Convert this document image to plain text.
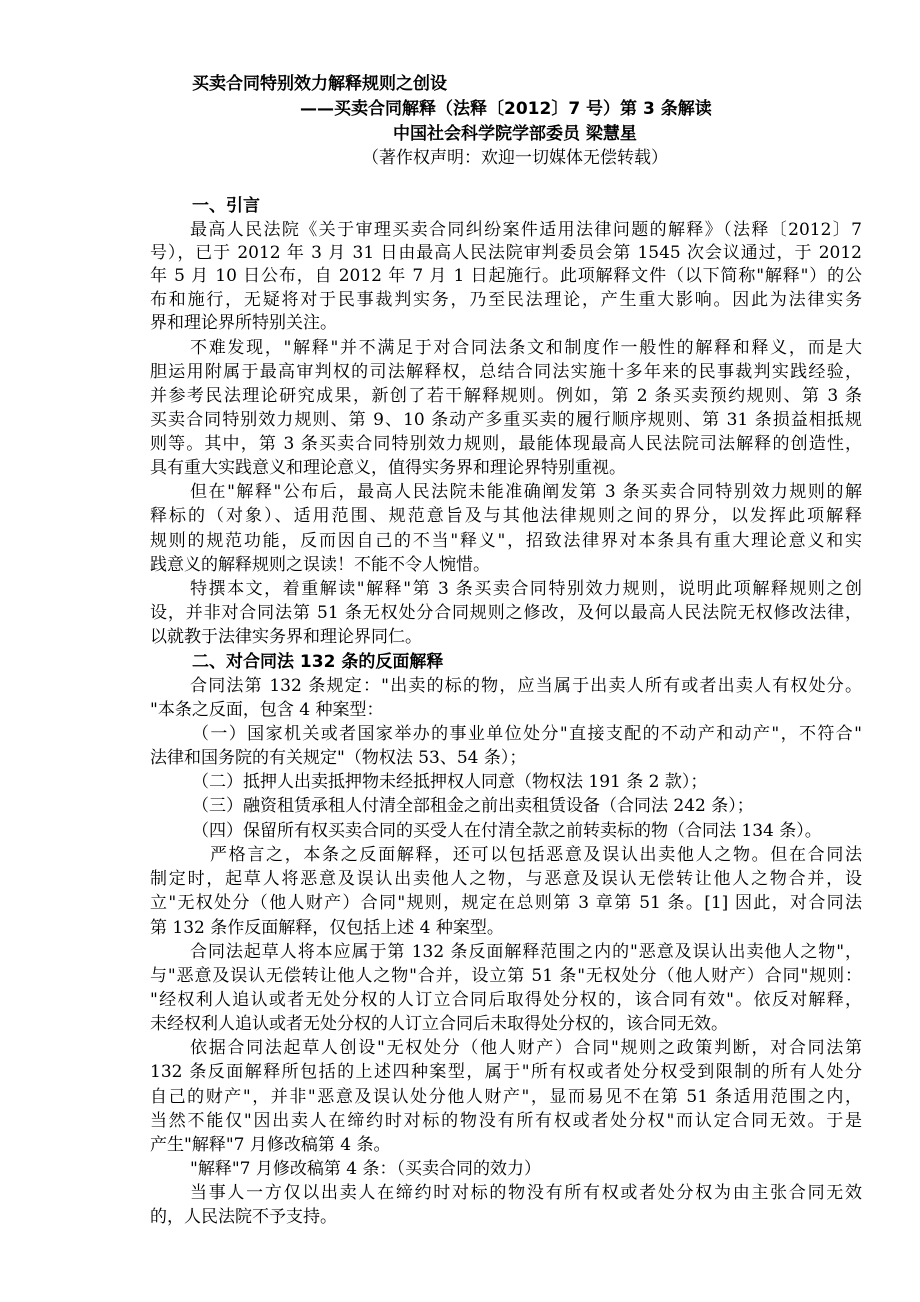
买卖合同特别效力解释规则之创设
——买卖合同解释（法释〔2012〕7 号）第 3 条解读
中国社会科学院学部委员 梁慧星
（著作权声明：欢迎一切媒体无偿转载）
一、引言
最高人民法院《关于审理买卖合同纠纷案件适用法律问题的解释》（法释〔2012〕7
号），已于 2012 年 3 月 31 日由最高人民法院审判委员会第 1545 次会议通过，于 2012
年 5 月 10 日公布，自 2012 年 7 月 1 日起施行。此项解释文件（以下简称"解释"）的公
布和施行，无疑将对于民事裁判实务，乃至民法理论，产生重大影响。因此为法律实务
界和理论界所特别关注。
不难发现，"解释"并不满足于对合同法条文和制度作一般性的解释和释义，而是大
胆运用附属于最高审判权的司法解释权，总结合同法实施十多年来的民事裁判实践经验，
并参考民法理论研究成果，新创了若干解释规则。例如，第 2 条买卖预约规则、第 3 条
买卖合同特别效力规则、第 9、10 条动产多重买卖的履行顺序规则、第 31 条损益相抵规
则等。其中，第 3 条买卖合同特别效力规则，最能体现最高人民法院司法解释的创造性，
具有重大实践意义和理论意义，值得实务界和理论界特别重视。
但在"解释"公布后，最高人民法院未能准确阐发第 3 条买卖合同特别效力规则的解
释标的（对象）、适用范围、规范意旨及与其他法律规则之间的界分，以发挥此项解释
规则的规范功能，反而因自己的不当"释义"，招致法律界对本条具有重大理论意义和实
践意义的解释规则之误读！不能不令人惋惜。
特撰本文，着重解读"解释"第 3 条买卖合同特别效力规则，说明此项解释规则之创
设，并非对合同法第 51 条无权处分合同规则之修改，及何以最高人民法院无权修改法律，
以就教于法律实务界和理论界同仁。
二、对合同法 132 条的反面解释
合同法第 132 条规定："出卖的标的物，应当属于出卖人所有或者出卖人有权处分。
"本条之反面，包含 4 种案型：
（一）国家机关或者国家举办的事业单位处分"直接支配的不动产和动产"，不符合"
法律和国务院的有关规定"（物权法 53、54 条）；
（二）抵押人出卖抵押物未经抵押权人同意（物权法 191 条 2 款）；
（三）融资租赁承租人付清全部租金之前出卖租赁设备（合同法 242 条）；
（四）保留所有权买卖合同的买受人在付清全款之前转卖标的物（合同法 134 条）。
严格言之，本条之反面解释，还可以包括恶意及误认出卖他人之物。但在合同法
制定时，起草人将恶意及误认出卖他人之物，与恶意及误认无偿转让他人之物合并，设
立"无权处分（他人财产）合同"规则，规定在总则第 3 章第 51 条。[1] 因此，对合同法
第 132 条作反面解释，仅包括上述 4 种案型。
合同法起草人将本应属于第 132 条反面解释范围之内的"恶意及误认出卖他人之物"，
与"恶意及误认无偿转让他人之物"合并，设立第 51 条"无权处分（他人财产）合同"规则：
"经权利人追认或者无处分权的人订立合同后取得处分权的，该合同有效"。依反对解释，
未经权利人追认或者无处分权的人订立合同后未取得处分权的，该合同无效。
依据合同法起草人创设"无权处分（他人财产）合同"规则之政策判断，对合同法第
132 条反面解释所包括的上述四种案型，属于"所有权或者处分权受到限制的所有人处分
自己的财产"，并非"恶意及误认处分他人财产"，显而易见不在第 51 条适用范围之内，
当然不能仅"因出卖人在缔约时对标的物没有所有权或者处分权"而认定合同无效。于是
产生"解释"7 月修改稿第 4 条。
"解释"7 月修改稿第 4 条：（买卖合同的效力）
当事人一方仅以出卖人在缔约时对标的物没有所有权或者处分权为由主张合同无效
的，人民法院不予支持。
